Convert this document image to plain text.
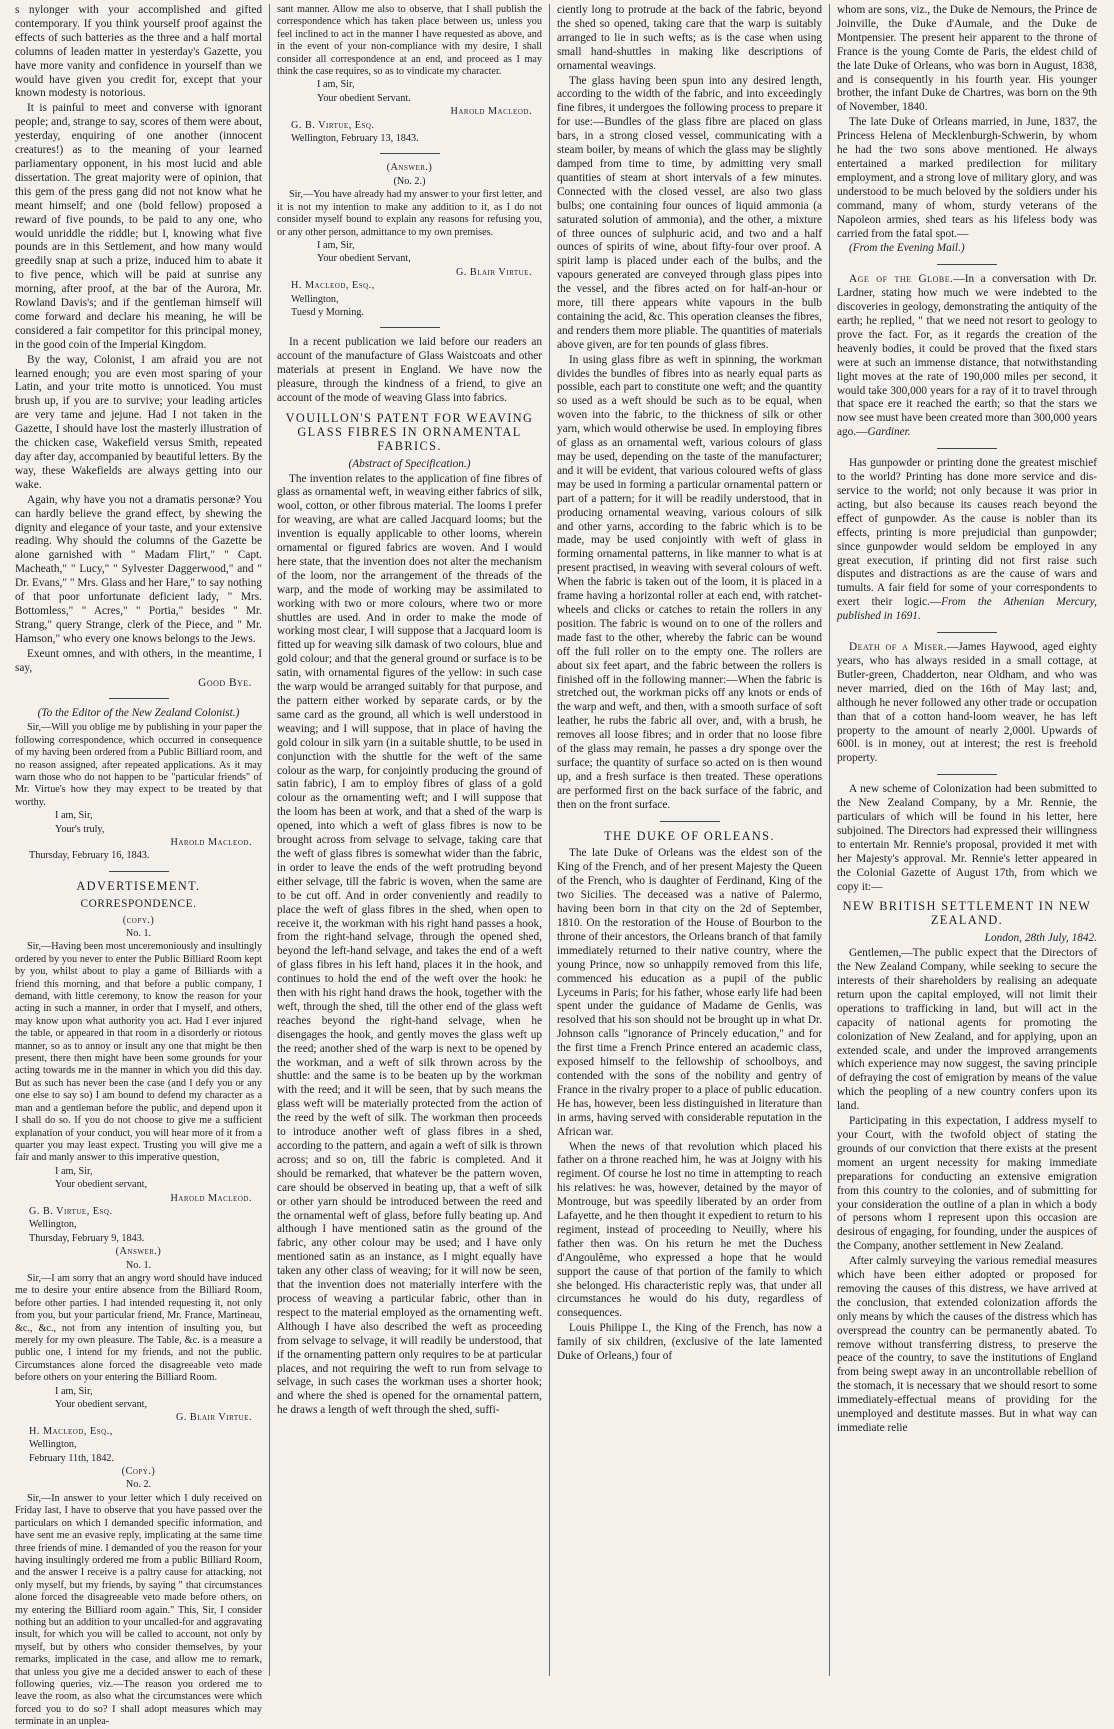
s nylonger with your accomplished and gifted contemporary. If you think yourself proof against the effects of such batteries as the three and a half mortal columns of leaden matter in yesterday's Gazette, you have more vanity and confidence in yourself than we would have given you credit for, except that your known modesty is notorious.

It is painful to meet and converse with ignorant people; and, strange to say, scores of them were about, yesterday, enquiring of one another (innocent creatures!) as to the meaning of your learned parliamentary opponent, in his most lucid and able dissertation. The great majority were of opinion, that this gem of the press gang did not not know what he meant himself; and one (bold fellow) proposed a reward of five pounds, to be paid to any one, who would unriddle the riddle; but I, knowing what five pounds are in this Settlement, and how many would greedily snap at such a prize, induced him to abate it to five pence, which will be paid at sunrise any morning, after proof, at the bar of the Aurora, Mr. Rowland Davis's; and if the gentleman himself will come forward and declare his meaning, he will be considered a fair competitor for this principal money, in the good coin of the Imperial Kingdom.

By the way, Colonist, I am afraid you are not learned enough; you are even most sparing of your Latin, and your trite motto is unnoticed. You must brush up, if you are to survive; your leading articles are very tame and jejune. Had I not taken in the Gazette, I should have lost the masterly illustration of the chicken case, Wakefield versus Smith, repeated day after day, accompanied by beautiful letters. By the way, these Wakefields are always getting into our wake.

Again, why have you not a dramatis personæ? You can hardly believe the grand effect, by shewing the dignity and elegance of your taste, and your extensive reading. Why should the columns of the Gazette be alone garnished with " Madam Flirt," " Capt. Macheath," " Lucy," " Sylvester Daggerwood," and " Dr. Evans," " Mrs. Glass and her Hare," to say nothing of that poor unfortunate deficient lady, " Mrs. Bottomless," " Acres," " Portia," besides " Mr. Strang," query Strange, clerk of the Piece, and " Mr. Hamson," who every one knows belongs to the Jews.

Exeunt omnes, and with others, in the meantime, I say,

Good Bye.

(To the Editor of the New Zealand Colonist.)

Sir,—Will you oblige me by publishing in your paper the following correspondence, which occurred in consequence of my having been ordered from a Public Billiard room, and no reason assigned, after repeated applications. As it may warn those who do not happen to be "particular friends" of Mr. Virtue's how they may expect to be treated by that worthy.

I am, Sir,

Your's truly,

Harold Macleod.

Thursday, February 16, 1843.

ADVERTISEMENT.

CORRESPONDENCE.

(copy.)

No. 1.

Sir,—Having been most unceremoniously and insultingly ordered by you never to enter the Public Billiard Room kept by you, whilst about to play a game of Billiards with a friend this morning, and that before a public company, I demand, with little ceremony, to know the reason for your acting in such a manner, in order that I myself, and others, may know upon what authority you act. Had I ever injured the table, or appeared in that room in a disorderly or riotous manner, so as to annoy or insult any one that might be then present, there then might have been some grounds for your acting towards me in the manner in which you did this day. But as such has never been the case (and I defy you or any one else to say so) I am bound to defend my character as a man and a gentleman before the public, and depend upon it I shall do so. If you do not choose to give me a sufficient explanation of your conduct, you will hear more of it from a quarter you may least expect. Trusting you will give me a fair and manly answer to this imperative question,

I am, Sir,

Your obedient servant,

Harold Macleod.

G. B. Virtue, Esq.

Wellington,

Thursday, February 9, 1843.

(Answer.)

No. 1.

Sir,—I am sorry that an angry word should have induced me to desire your entire absence from the Billiard Room, before other parties. I had intended requesting it, not only from you, but your particular friend, Mr. France, Martineau, &c., &c., not from any intention of insulting you, but merely for my own pleasure. The Table, &c. is a measure a public one, I intend for my friends, and not the public. Circumstances alone forced the disagreeable veto made before others on your entering the Billiard Room.

I am, Sir,

Your obedient servant,

G. Blair Virtue.

H. Macleod, Esq.,

Wellington,

February 11th, 1842.

(Copy.)

No. 2.

Sir,—In answer to your letter which I duly received on Friday last, I have to observe that you have passed over the particulars on which I demanded specific information, and have sent me an evasive reply, implicating at the same time three friends of mine. I demanded of you the reason for your having insultingly ordered me from a public Billiard Room, and the answer I receive is a paltry cause for attacking, not only myself, but my friends, by saying " that circumstances alone forced the disagreeable veto made before others, on my entering the Billiard room again." This, Sir, I consider nothing but an addition to your uncalled-for and aggravating insult, for which you will be called to account, not only by myself, but by others who consider themselves, by your remarks, implicated in the case, and allow me to remark, that unless you give me a decided answer to each of these following queries, viz.—The reason you ordered me to leave the room, as also what the circumstances were which forced you to do so? I shall adopt measures which may terminate in an unplea-

sant manner. Allow me also to observe, that I shall publish the correspondence which has taken place between us, unless you feel inclined to act in the manner I have requested as above, and in the event of your non-compliance with my desire, I shall consider all correspondence at an end, and proceed as I may think the case requires, so as to vindicate my character.

I am, Sir,

Your obedient Servant.

Harold Macleod.

G. B. Virtue, Esq.

Wellington, February 13, 1843.

(Answer.)

(No. 2.)

Sir,—You have already had my answer to your first letter, and it is not my intention to make any addition to it, as I do not consider myself bound to explain any reasons for refusing you, or any other person, admittance to my own premises.

I am, Sir,

Your obedient Servant,

G. Blair Virtue.

H. Macleod, Esq.,

Wellington,

Tuesd y Morning.

In a recent publication we laid before our readers an account of the manufacture of Glass Waistcoats and other materials at present in England. We have now the pleasure, through the kindness of a friend, to give an account of the mode of weaving Glass into fabrics.

VOUILLON'S PATENT FOR WEAVING GLASS FIBRES IN ORNAMENTAL FABRICS.

(Abstract of Specification.)

The invention relates to the application of fine fibres of glass as ornamental weft, in weaving either fabrics of silk, wool, cotton, or other fibrous material. The looms I prefer for weaving, are what are called Jacquard looms; but the invention is equally applicable to other looms, wherein ornamental or figured fabrics are woven. And I would here state, that the invention does not alter the mechanism of the loom, nor the arrangement of the threads of the warp, and the mode of working may be assimilated to working with two or more colours, where two or more shuttles are used. And in order to make the mode of working most clear, I will suppose that a Jacquard loom is fitted up for weaving silk damask of two colours, blue and gold colour; and that the general ground or surface is to be satin, with ornamental figures of the yellow: in such case the warp would be arranged suitably for that purpose, and the pattern either worked by separate cards, or by the same card as the ground, all which is well understood in weaving; and I will suppose, that in place of having the gold colour in silk yarn (in a suitable shuttle, to be used in conjunction with the shuttle for the weft of the same colour as the warp, for conjointly producing the ground of satin fabric), I am to employ fibres of glass of a gold colour as the ornamenting weft; and I will suppose that the loom has been at work, and that a shed of the warp is opened, into which a weft of glass fibres is now to be brought across from selvage to selvage, taking care that the weft of glass fibres is somewhat wider than the fabric, in order to leave the ends of the weft protruding beyond either selvage, till the fabric is woven, when the same are to be cut off. And in order conveniently and readily to place the weft of glass fibres in the shed, when open to receive it, the workman with his right hand passes a hook, from the right-hand selvage, through the opened shed, beyond the left-hand selvage, and takes the end of a weft of glass fibres in his left hand, places it in the hook, and continues to hold the end of the weft over the hook: he then with his right hand draws the hook, together with the weft, through the shed, till the other end of the glass weft reaches beyond the right-hand selvage, when he disengages the hook, and gently moves the glass weft up the reed; another shed of the warp is next to be opened by the workman, and a weft of silk thrown across by the shuttle: and the same is to be beaten up by the workman with the reed; and it will be seen, that by such means the glass weft will be materially protected from the action of the reed by the weft of silk. The workman then proceeds to introduce another weft of glass fibres in a shed, according to the pattern, and again a weft of silk is thrown across; and so on, till the fabric is completed. And it should be remarked, that whatever be the pattern woven, care should be observed in beating up, that a weft of silk or other yarn should be introduced between the reed and the ornamental weft of glass, before fully beating up. And although I have mentioned satin as the ground of the fabric, any other colour may be used; and I have only mentioned satin as an instance, as I might equally have taken any other class of weaving; for it will now be seen, that the invention does not materially interfere with the process of weaving a particular fabric, other than in respect to the material employed as the ornamenting weft. Although I have also described the weft as proceeding from selvage to selvage, it will readily be understood, that if the ornamenting pattern only requires to be at particular places, and not requiring the weft to run from selvage to selvage, in such cases the workman uses a shorter hook; and where the shed is opened for the ornamental pattern, he draws a length of weft through the shed, suffi-

ciently long to protrude at the back of the fabric, beyond the shed so opened, taking care that the warp is suitably arranged to lie in such wefts; as is the case when using small hand-shuttles in making like descriptions of ornamental weavings.

The glass having been spun into any desired length, according to the width of the fabric, and into exceedingly fine fibres, it undergoes the following process to prepare it for use:—Bundles of the glass fibre are placed on glass bars, in a strong closed vessel, communicating with a steam boiler, by means of which the glass may be slightly damped from time to time, by admitting very small quantities of steam at short intervals of a few minutes. Connected with the closed vessel, are also two glass bulbs; one containing four ounces of liquid ammonia (a saturated solution of ammonia), and the other, a mixture of three ounces of sulphuric acid, and two and a half ounces of spirits of wine, about fifty-four over proof. A spirit lamp is placed under each of the bulbs, and the vapours generated are conveyed through glass pipes into the vessel, and the fibres acted on for half-an-hour or more, till there appears white vapours in the bulb containing the acid, &c. This operation cleanses the fibres, and renders them more pliable. The quantities of materials above given, are for ten pounds of glass fibres.

In using glass fibre as weft in spinning, the workman divides the bundles of fibres into as nearly equal parts as possible, each part to constitute one weft; and the quantity so used as a weft should be such as to be equal, when woven into the fabric, to the thickness of silk or other yarn, which would otherwise be used. In employing fibres of glass as an ornamental weft, various colours of glass may be used, depending on the taste of the manufacturer; and it will be evident, that various coloured wefts of glass may be used in forming a particular ornamental pattern or part of a pattern; for it will be readily understood, that in producing ornamental weaving, various colours of silk and other yarns, according to the fabric which is to be made, may be used conjointly with weft of glass in forming ornamental patterns, in like manner to what is at present practised, in weaving with several colours of weft. When the fabric is taken out of the loom, it is placed in a frame having a horizontal roller at each end, with ratchet-wheels and clicks or catches to retain the rollers in any position. The fabric is wound on to one of the rollers and made fast to the other, whereby the fabric can be wound off the full roller on to the empty one. The rollers are about six feet apart, and the fabric between the rollers is finished off in the following manner:—When the fabric is stretched out, the workman picks off any knots or ends of the warp and weft, and then, with a smooth surface of soft leather, he rubs the fabric all over, and, with a brush, he removes all loose fibres; and in order that no loose fibre of the glass may remain, he passes a dry sponge over the surface; the quantity of surface so acted on is then wound up, and a fresh surface is then treated. These operations are performed first on the back surface of the fabric, and then on the front surface.

THE DUKE OF ORLEANS.

The late Duke of Orleans was the eldest son of the King of the French, and of her present Majesty the Queen of the French, who is daughter of Ferdinand, King of the two Sicilies. The deceased was a native of Palermo, having been born in that city on the 2d of September, 1810. On the restoration of the House of Bourbon to the throne of their ancestors, the Orleans branch of that family immediately returned to their native country, where the young Prince, now so unhappily removed from this life, commenced his education as a pupil of the public Lyceums in Paris; for his father, whose early life had been spent under the guidance of Madame de Genlis, was resolved that his son should not be brought up in what Dr. Johnson calls "ignorance of Princely education," and for the first time a French Prince entered an academic class, exposed himself to the fellowship of schoolboys, and contended with the sons of the nobility and gentry of France in the rivalry proper to a place of public education. He has, however, been less distinguished in literature than in arms, having served with considerable reputation in the African war.

When the news of that revolution which placed his father on a throne reached him, he was at Joigny with his regiment. Of course he lost no time in attempting to reach his relatives: he was, however, detained by the mayor of Montrouge, but was speedily liberated by an order from Lafayette, and he then thought it expedient to return to his regiment, instead of proceeding to Neuilly, where his father then was. On his return he met the Duchess d'Angoulême, who expressed a hope that he would support the cause of that portion of the family to which she belonged. His characteristic reply was, that under all circumstances he would do his duty, regardless of consequences.

Louis Philippe I., the King of the French, has now a family of six children, (exclusive of the late lamented Duke of Orleans,) four of

whom are sons, viz., the Duke de Nemours, the Prince de Joinville, the Duke d'Aumale, and the Duke de Montpensier. The present heir apparent to the throne of France is the young Comte de Paris, the eldest child of the late Duke of Orleans, who was born in August, 1838, and is consequently in his fourth year. His younger brother, the infant Duke de Chartres, was born on the 9th of November, 1840.

The late Duke of Orleans married, in June, 1837, the Princess Helena of Mecklenburgh-Schwerin, by whom he had the two sons above mentioned. He always entertained a marked predilection for military employment, and a strong love of military glory, and was understood to be much beloved by the soldiers under his command, many of whom, sturdy veterans of the Napoleon armies, shed tears as his lifeless body was carried from the fatal spot.—

(From the Evening Mail.)

Age of the Globe.—In a conversation with Dr. Lardner, stating how much we were indebted to the discoveries in geology, demonstrating the antiquity of the earth; he replied, " that we need not resort to geology to prove the fact. For, as it regards the creation of the heavenly bodies, it could be proved that the fixed stars were at such an immense distance, that notwithstanding light moves at the rate of 190,000 miles per second, it would take 300,000 years for a ray of it to travel through that space ere it reached the earth; so that the stars we now see must have been created more than 300,000 years ago.—Gardiner.

Has gunpowder or printing done the greatest mischief to the world? Printing has done more service and dis-service to the world; not only because it was prior in acting, but also because its causes reach beyond the effect of gunpowder. As the cause is nobler than its effects, printing is more prejudicial than gunpowder; since gunpowder would seldom be employed in any great execution, if printing did not first raise such disputes and distractions as are the cause of wars and tumults. A fair field for some of your correspondents to exert their logic.—From the Athenian Mercury, published in 1691.

Death of a Miser.—James Haywood, aged eighty years, who has always resided in a small cottage, at Butler-green, Chadderton, near Oldham, and who was never married, died on the 16th of May last; and, although he never followed any other trade or occupation than that of a cotton hand-loom weaver, he has left property to the amount of nearly 2,000l. Upwards of 600l. is in money, out at interest; the rest is freehold property.

A new scheme of Colonization had been submitted to the New Zealand Company, by a Mr. Rennie, the particulars of which will be found in his letter, here subjoined. The Directors had expressed their willingness to entertain Mr. Rennie's proposal, provided it met with her Majesty's approval. Mr. Rennie's letter appeared in the Colonial Gazette of August 17th, from which we copy it:—

NEW BRITISH SETTLEMENT IN NEW ZEALAND.

London, 28th July, 1842.

Gentlemen,—The public expect that the Directors of the New Zealand Company, while seeking to secure the interests of their shareholders by realising an adequate return upon the capital employed, will not limit their operations to trafficking in land, but will act in the capacity of national agents for promoting the colonization of New Zealand, and for applying, upon an extended scale, and under the improved arrangements which experience may now suggest, the saving principle of defraying the cost of emigration by means of the value which the peopling of a new country confers upon its land.

Participating in this expectation, I address myself to your Court, with the twofold object of stating the grounds of our conviction that there exists at the present moment an urgent necessity for making immediate preparations for conducting an extensive emigration from this country to the colonies, and of submitting for your consideration the outline of a plan in which a body of persons whom I represent upon this occasion are desirous of engaging, for founding, under the auspices of the Company, another settlement in New Zealand.

After calmly surveying the various remedial measures which have been either adopted or proposed for removing the causes of this distress, we have arrived at the conclusion, that extended colonization affords the only means by which the causes of the distress which has overspread the country can be permanently abated. To remove without transferring distress, to preserve the peace of the country, to save the institutions of England from being swept away in an uncontrollable rebellion of the stomach, it is necessary that we should resort to some immediately-effectual means of providing for the unemployed and destitute masses. But in what way can immediate relie
